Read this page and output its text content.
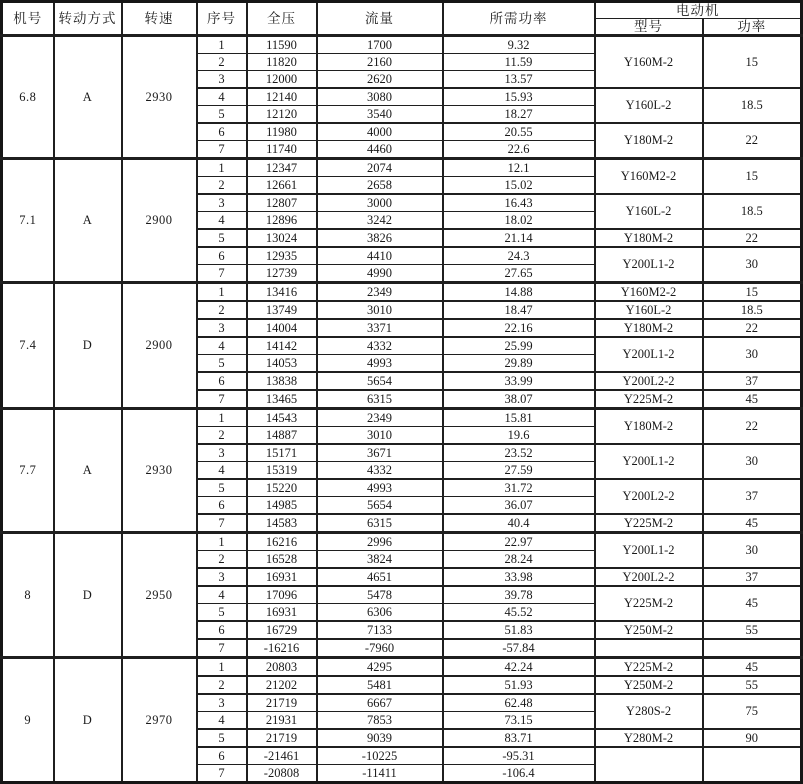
机号	转动方式	转速	序号	全压	流量	所需功率	电动机	
							型号	功率
6.8	A	2930	1	11590	1700	9.32	Y160M-2	15
			2	11820	2160	11.59		
			3	12000	2620	13.57		
			4	12140	3080	15.93	Y160L-2	18.5
			5	12120	3540	18.27		
			6	11980	4000	20.55	Y180M-2	22
			7	11740	4460	22.6		
7.1	A	2900	1	12347	2074	12.1	Y160M2-2	15
			2	12661	2658	15.02		
			3	12807	3000	16.43	Y160L-2	18.5
			4	12896	3242	18.02		
			5	13024	3826	21.14	Y180M-2	22
			6	12935	4410	24.3	Y200L1-2	30
			7	12739	4990	27.65		
7.4	D	2900	1	13416	2349	14.88	Y160M2-2	15
			2	13749	3010	18.47	Y160L-2	18.5
			3	14004	3371	22.16	Y180M-2	22
			4	14142	4332	25.99	Y200L1-2	30
			5	14053	4993	29.89		
			6	13838	5654	33.99	Y200L2-2	37
			7	13465	6315	38.07	Y225M-2	45
7.7	A	2930	1	14543	2349	15.81	Y180M-2	22
			2	14887	3010	19.6		
			3	15171	3671	23.52	Y200L1-2	30
			4	15319	4332	27.59		
			5	15220	4993	31.72	Y200L2-2	37
			6	14985	5654	36.07		
			7	14583	6315	40.4	Y225M-2	45
8	D	2950	1	16216	2996	22.97	Y200L1-2	30
			2	16528	3824	28.24		
			3	16931	4651	33.98	Y200L2-2	37
			4	17096	5478	39.78	Y225M-2	45
			5	16931	6306	45.52		
			6	16729	7133	51.83	Y250M-2	55
			7	-16216	-7960	-57.84		
9	D	2970	1	20803	4295	42.24	Y225M-2	45
			2	21202	5481	51.93	Y250M-2	55
			3	21719	6667	62.48	Y280S-2	75
			4	21931	7853	73.15		
			5	21719	9039	83.71	Y280M-2	90
			6	-21461	-10225	-95.31		
			7	-20808	-11411	-106.4		
